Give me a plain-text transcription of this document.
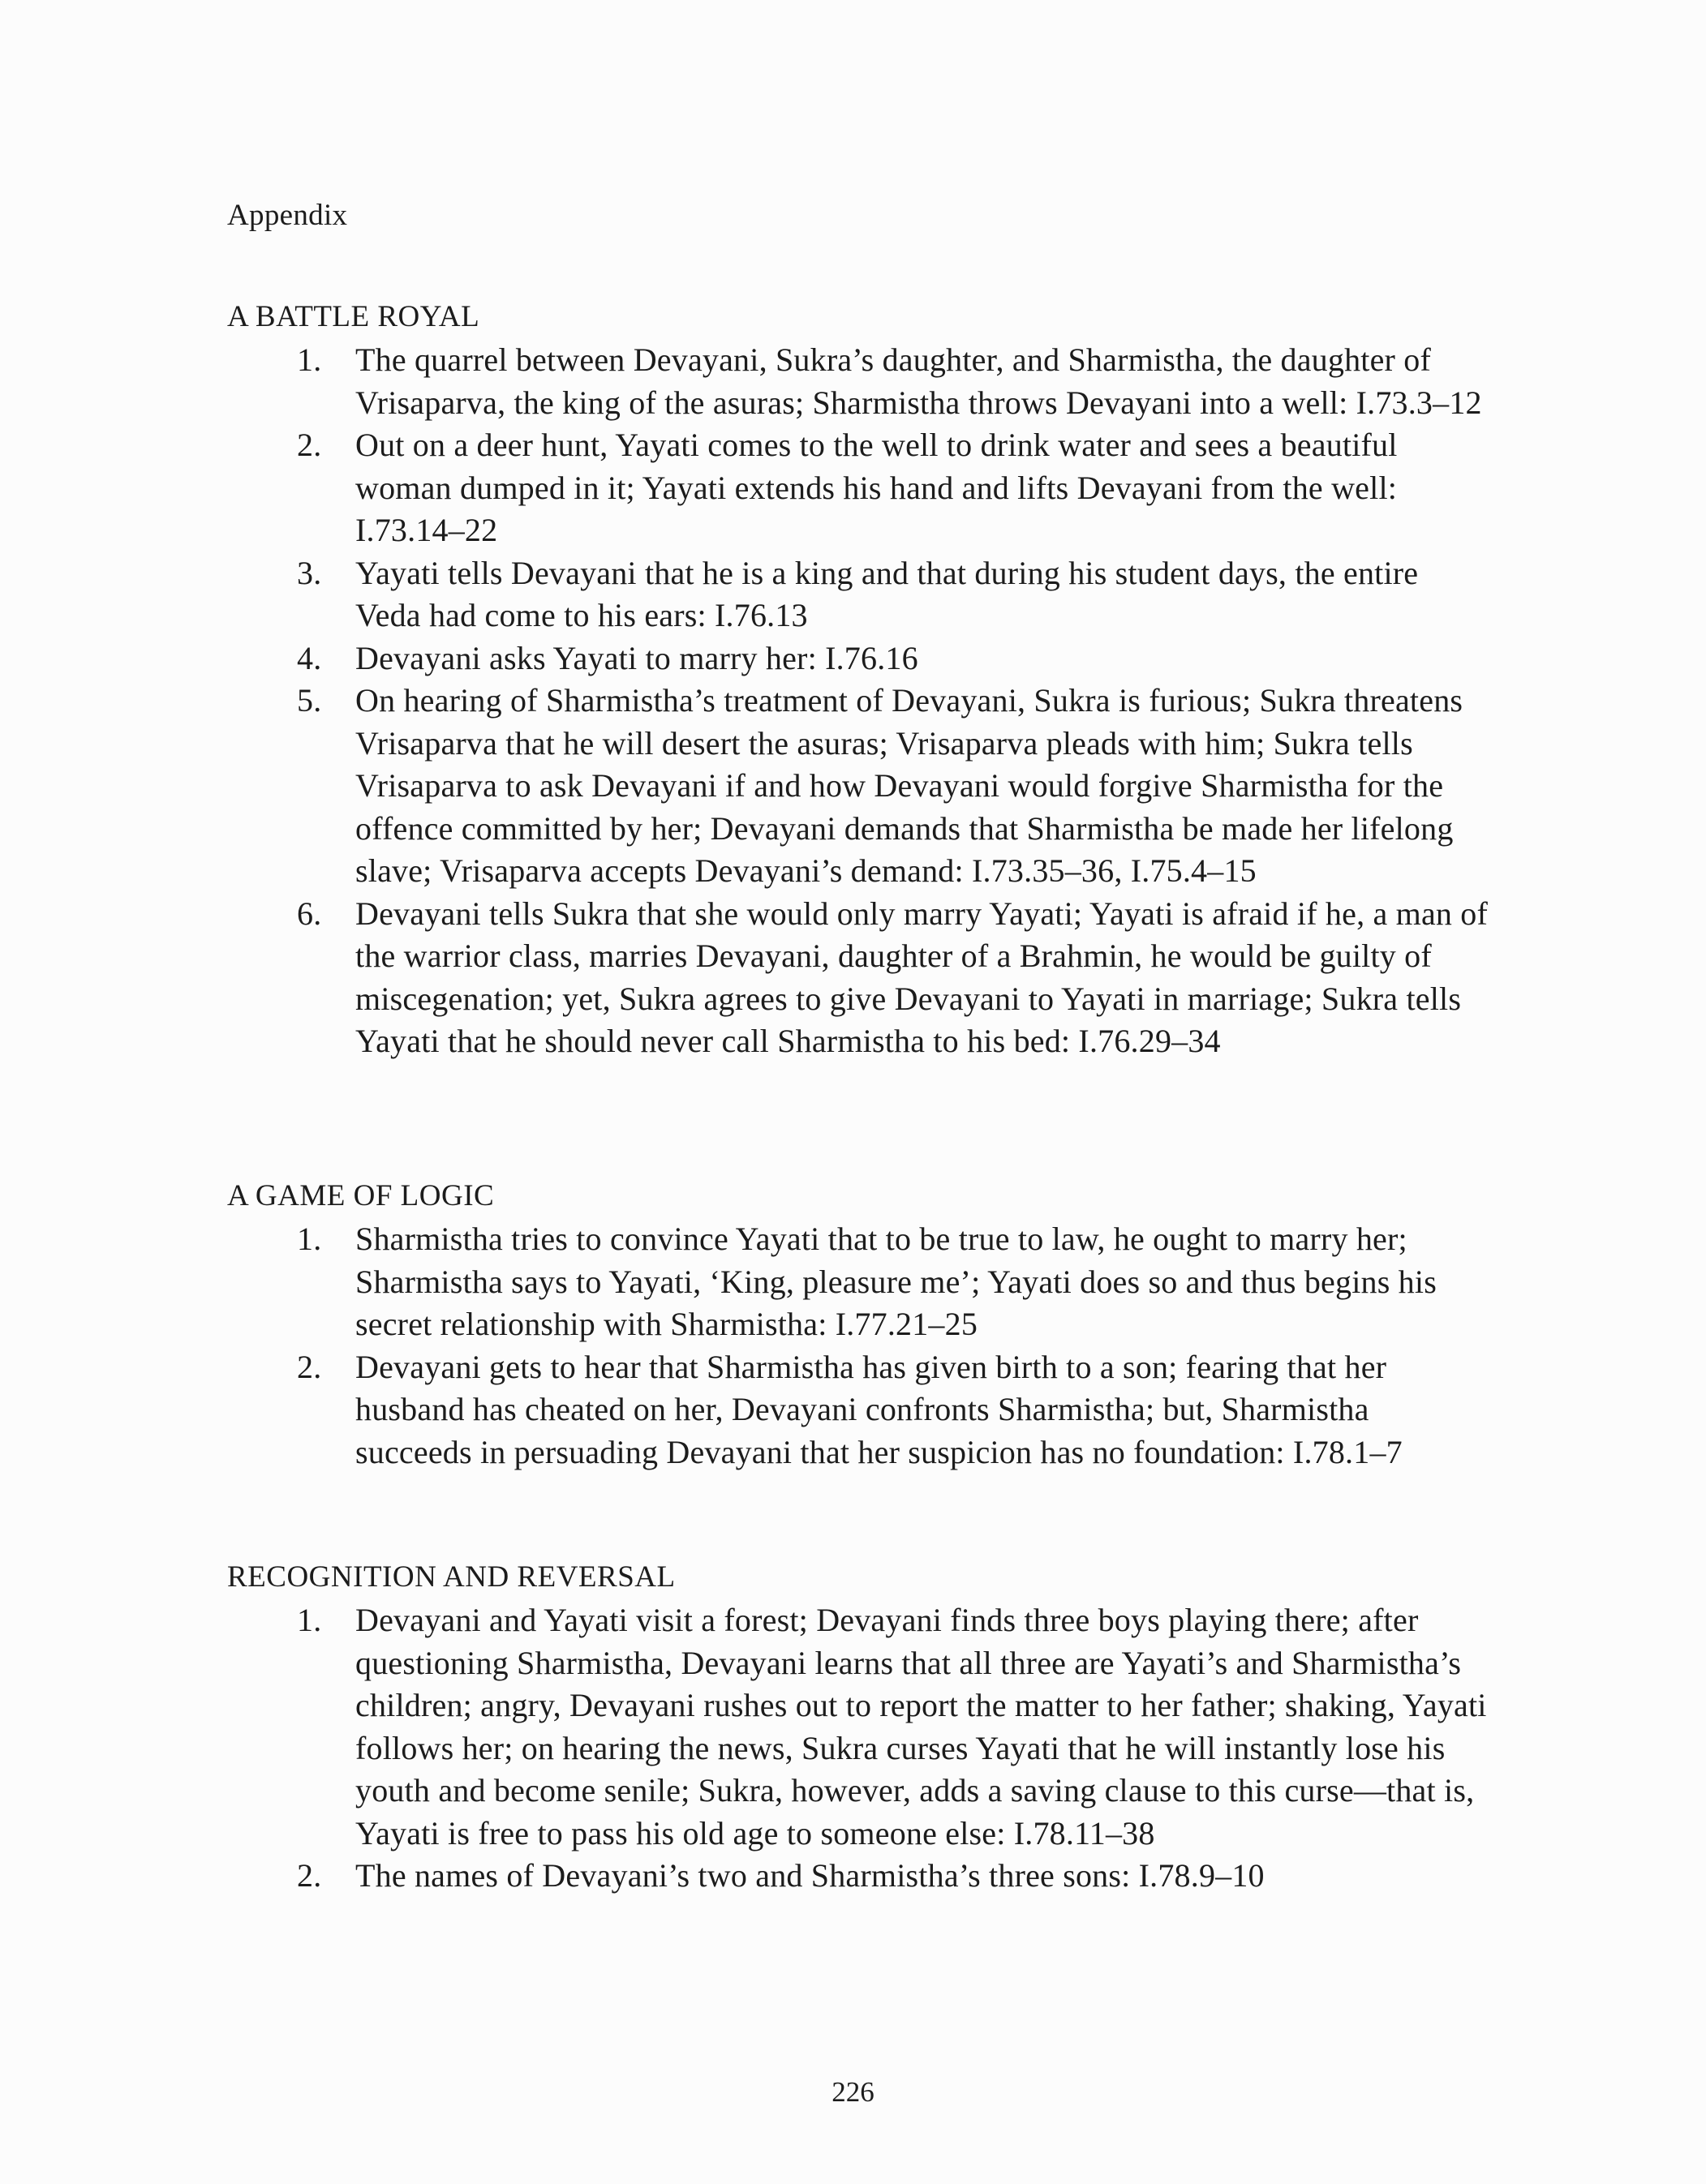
Appendix
A BATTLE ROYAL
1. The quarrel between Devayani, Sukra’s daughter, and Sharmistha, the daughter of Vrisaparva, the king of the asuras; Sharmistha throws Devayani into a well: I.73.3–12
2. Out on a deer hunt, Yayati comes to the well to drink water and sees a beautiful woman dumped in it; Yayati extends his hand and lifts Devayani from the well: I.73.14–22
3. Yayati tells Devayani that he is a king and that during his student days, the entire Veda had come to his ears: I.76.13
4. Devayani asks Yayati to marry her: I.76.16
5. On hearing of Sharmistha’s treatment of Devayani, Sukra is furious; Sukra threatens Vrisaparva that he will desert the asuras; Vrisaparva pleads with him; Sukra tells Vrisaparva to ask Devayani if and how Devayani would forgive Sharmistha for the offence committed by her; Devayani demands that Sharmistha be made her lifelong slave; Vrisaparva accepts Devayani’s demand: I.73.35–36, I.75.4–15
6. Devayani tells Sukra that she would only marry Yayati; Yayati is afraid if he, a man of the warrior class, marries Devayani, daughter of a Brahmin, he would be guilty of miscegenation; yet, Sukra agrees to give Devayani to Yayati in marriage; Sukra tells Yayati that he should never call Sharmistha to his bed: I.76.29–34
A GAME OF LOGIC
1. Sharmistha tries to convince Yayati that to be true to law, he ought to marry her; Sharmistha says to Yayati, ‘King, pleasure me’; Yayati does so and thus begins his secret relationship with Sharmistha: I.77.21–25
2. Devayani gets to hear that Sharmistha has given birth to a son; fearing that her husband has cheated on her, Devayani confronts Sharmistha; but, Sharmistha succeeds in persuading Devayani that her suspicion has no foundation: I.78.1–7
RECOGNITION AND REVERSAL
1. Devayani and Yayati visit a forest; Devayani finds three boys playing there; after questioning Sharmistha, Devayani learns that all three are Yayati’s and Sharmistha’s children; angry, Devayani rushes out to report the matter to her father; shaking, Yayati follows her; on hearing the news, Sukra curses Yayati that he will instantly lose his youth and become senile; Sukra, however, adds a saving clause to this curse—that is, Yayati is free to pass his old age to someone else: I.78.11–38
2. The names of Devayani’s two and Sharmistha’s three sons: I.78.9–10
226
